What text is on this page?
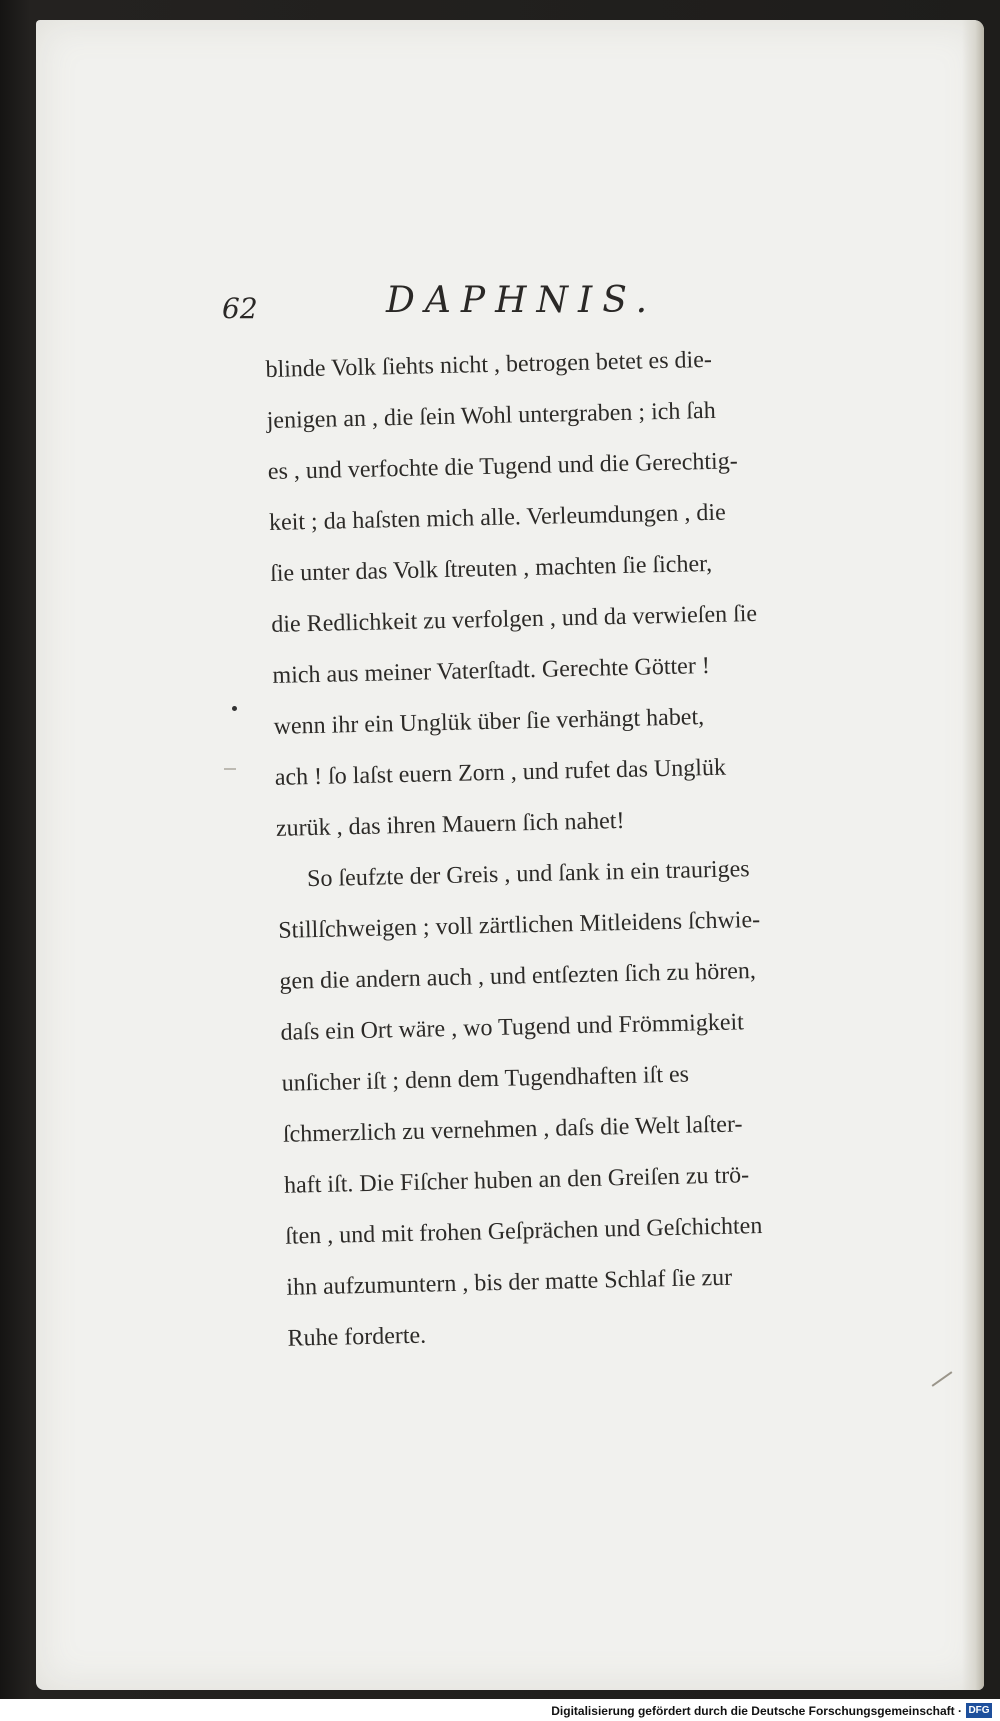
62	DAPHNIS.
blinde Volk ſiehts nicht , betrogen betet es die-
jenigen an , die ſein Wohl untergraben ; ich ſah
es , und verfochte die Tugend und die Gerechtig-
keit ; da haſsten mich alle. Verleumdungen , die
ſie unter das Volk ſtreuten , machten ſie ſicher,
die Redlichkeit zu verfolgen , und da verwieſen ſie
mich aus meiner Vaterſtadt. Gerechte Götter !
wenn ihr ein Unglük über ſie verhängt habet,
ach ! ſo laſst euern Zorn , und rufet das Unglük
zurük , das ihren Mauern ſich nahet!
So ſeufzte der Greis , und ſank in ein trauriges
Stillſchweigen ; voll zärtlichen Mitleidens ſchwie-
gen die andern auch , und entſezten ſich zu hören,
daſs ein Ort wäre , wo Tugend und Frömmigkeit
unſicher iſt ; denn dem Tugendhaften iſt es
ſchmerzlich zu vernehmen , daſs die Welt laſter-
haft iſt. Die Fiſcher huben an den Greiſen zu trö-
ſten , und mit frohen Geſprächen und Geſchichten
ihn aufzumuntern , bis der matte Schlaf ſie zur
Ruhe forderte.
Digitalisierung gefördert durch die Deutsche Forschungsgemeinschaft · DFG
